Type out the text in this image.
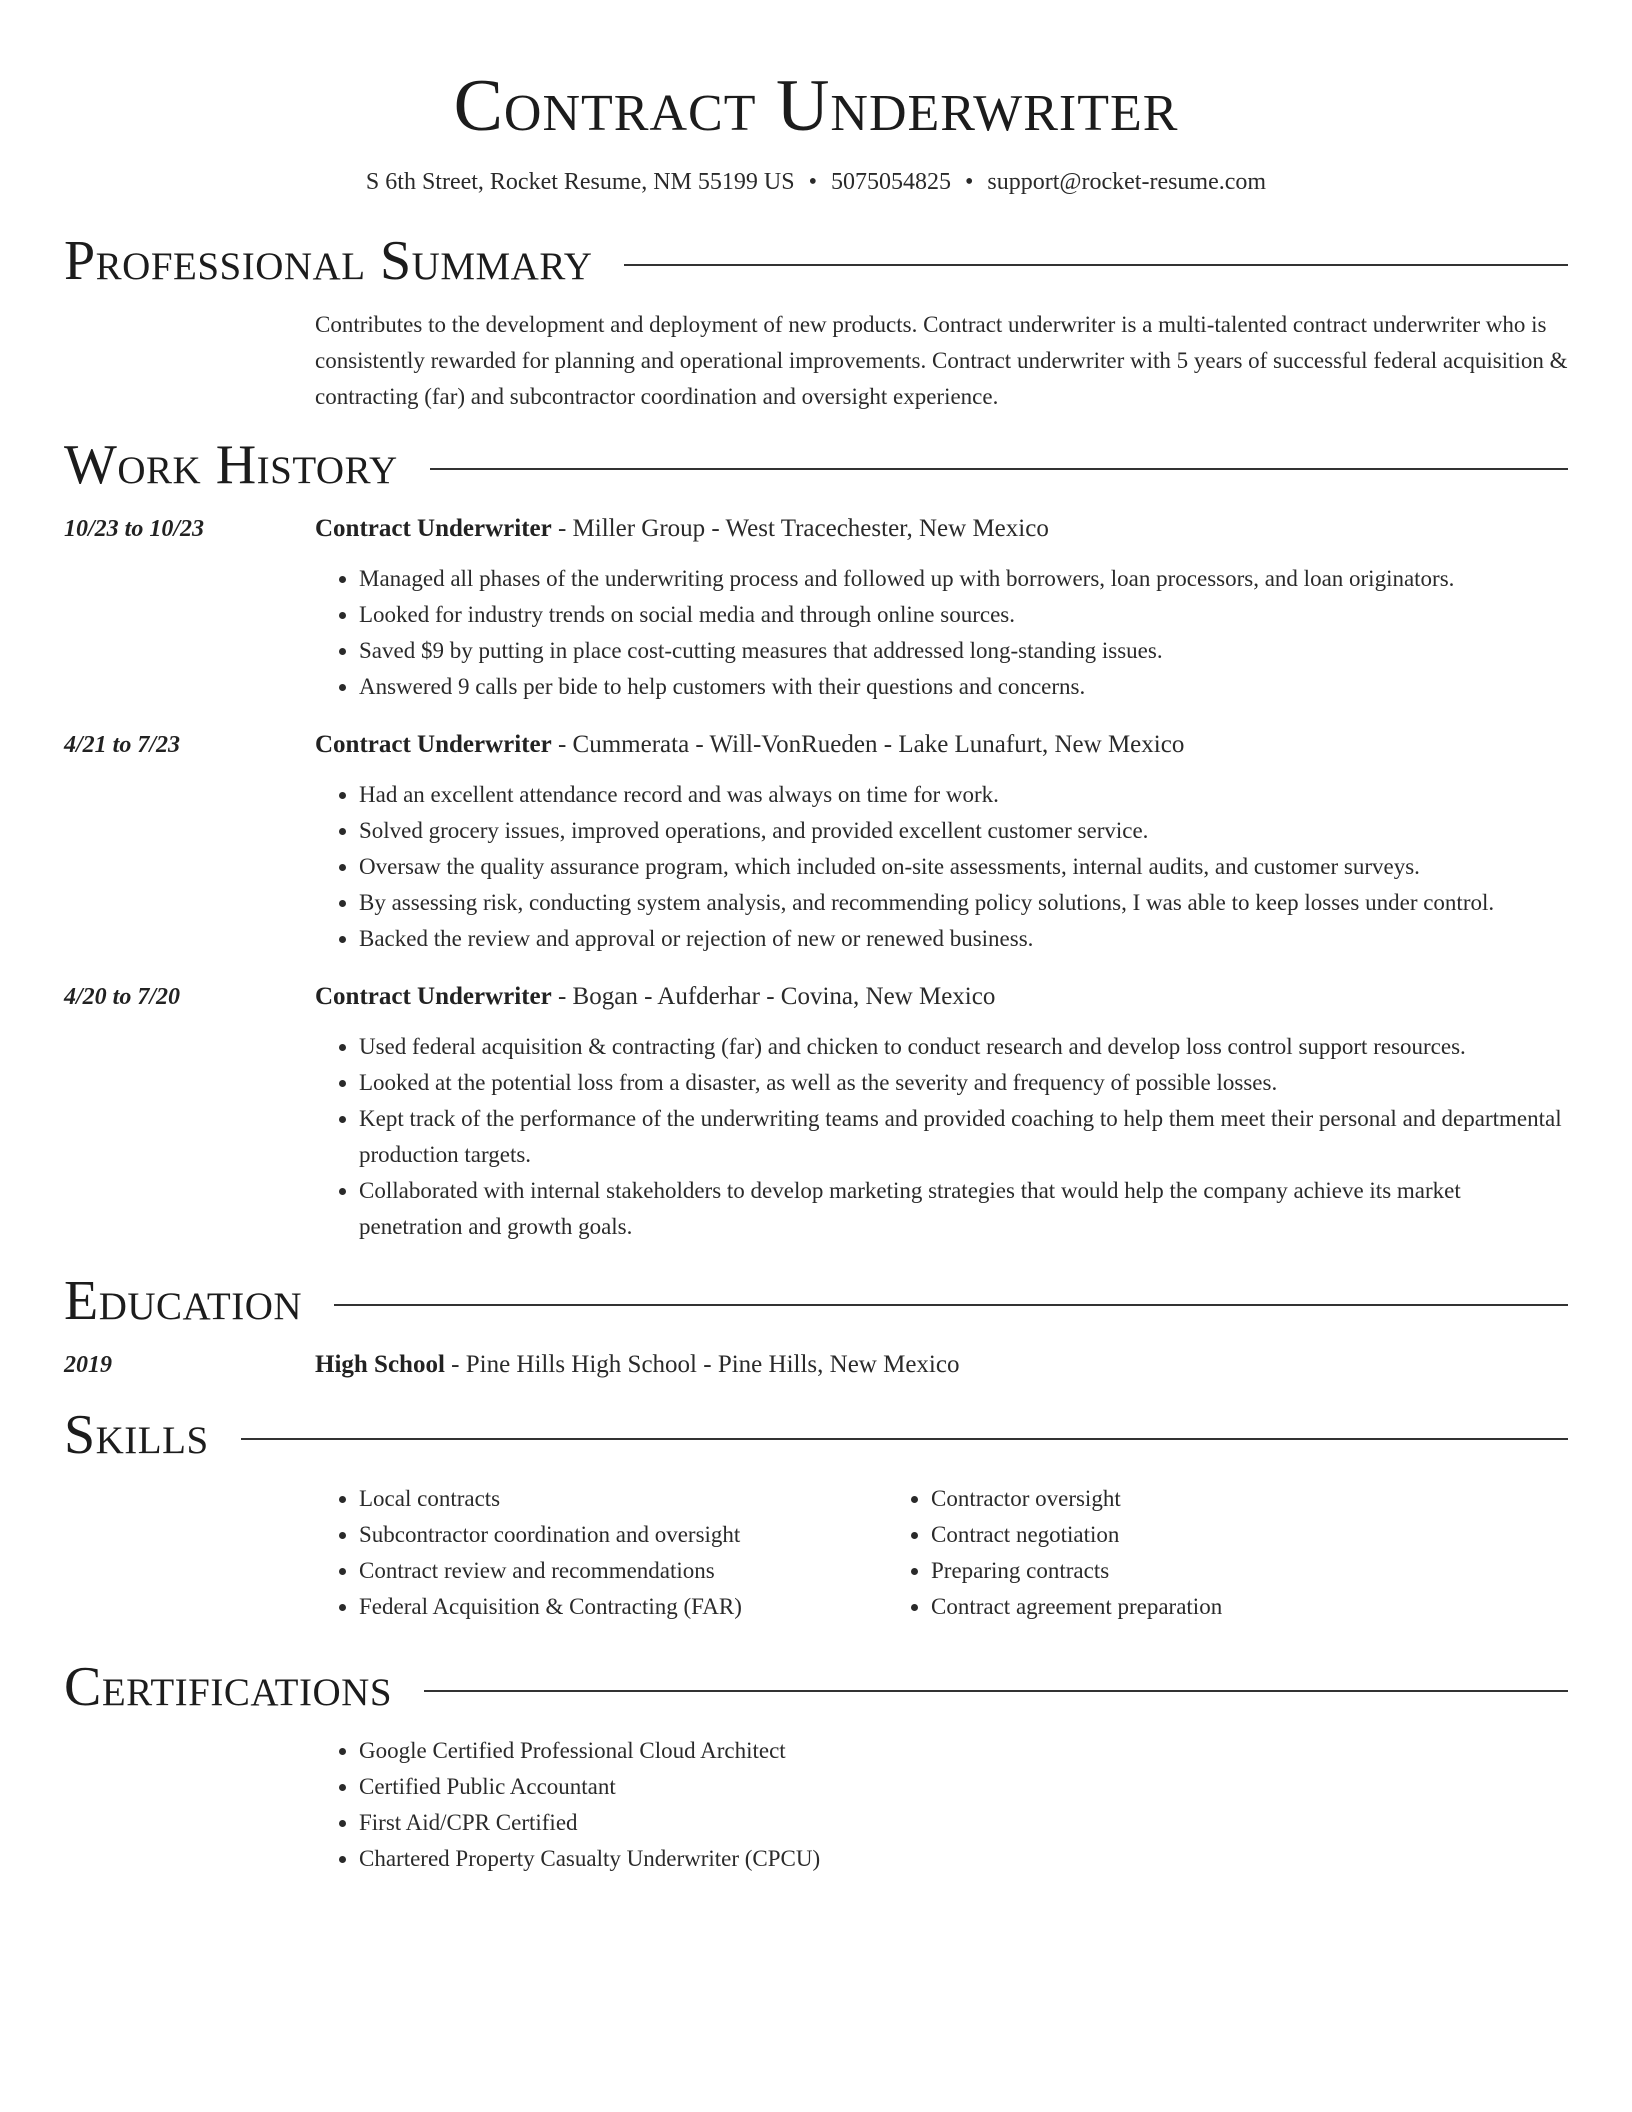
Contract Underwriter
S 6th Street, Rocket Resume, NM 55199 US • 5075054825 • support@rocket-resume.com
Professional Summary
Contributes to the development and deployment of new products. Contract underwriter is a multi-talented contract underwriter who is consistently rewarded for planning and operational improvements. Contract underwriter with 5 years of successful federal acquisition & contracting (far) and subcontractor coordination and oversight experience.
Work History
10/23 to 10/23	Contract Underwriter - Miller Group - West Tracechester, New Mexico
• Managed all phases of the underwriting process and followed up with borrowers, loan processors, and loan originators.
• Looked for industry trends on social media and through online sources.
• Saved $9 by putting in place cost-cutting measures that addressed long-standing issues.
• Answered 9 calls per bide to help customers with their questions and concerns.
4/21 to 7/23	Contract Underwriter - Cummerata - Will-VonRueden - Lake Lunafurt, New Mexico
• Had an excellent attendance record and was always on time for work.
• Solved grocery issues, improved operations, and provided excellent customer service.
• Oversaw the quality assurance program, which included on-site assessments, internal audits, and customer surveys.
• By assessing risk, conducting system analysis, and recommending policy solutions, I was able to keep losses under control.
• Backed the review and approval or rejection of new or renewed business.
4/20 to 7/20	Contract Underwriter - Bogan - Aufderhar - Covina, New Mexico
• Used federal acquisition & contracting (far) and chicken to conduct research and develop loss control support resources.
• Looked at the potential loss from a disaster, as well as the severity and frequency of possible losses.
• Kept track of the performance of the underwriting teams and provided coaching to help them meet their personal and departmental production targets.
• Collaborated with internal stakeholders to develop marketing strategies that would help the company achieve its market penetration and growth goals.
Education
2019	High School - Pine Hills High School - Pine Hills, New Mexico
Skills
• Local contracts
• Subcontractor coordination and oversight
• Contract review and recommendations
• Federal Acquisition & Contracting (FAR)
• Contractor oversight
• Contract negotiation
• Preparing contracts
• Contract agreement preparation
Certifications
• Google Certified Professional Cloud Architect
• Certified Public Accountant
• First Aid/CPR Certified
• Chartered Property Casualty Underwriter (CPCU)
